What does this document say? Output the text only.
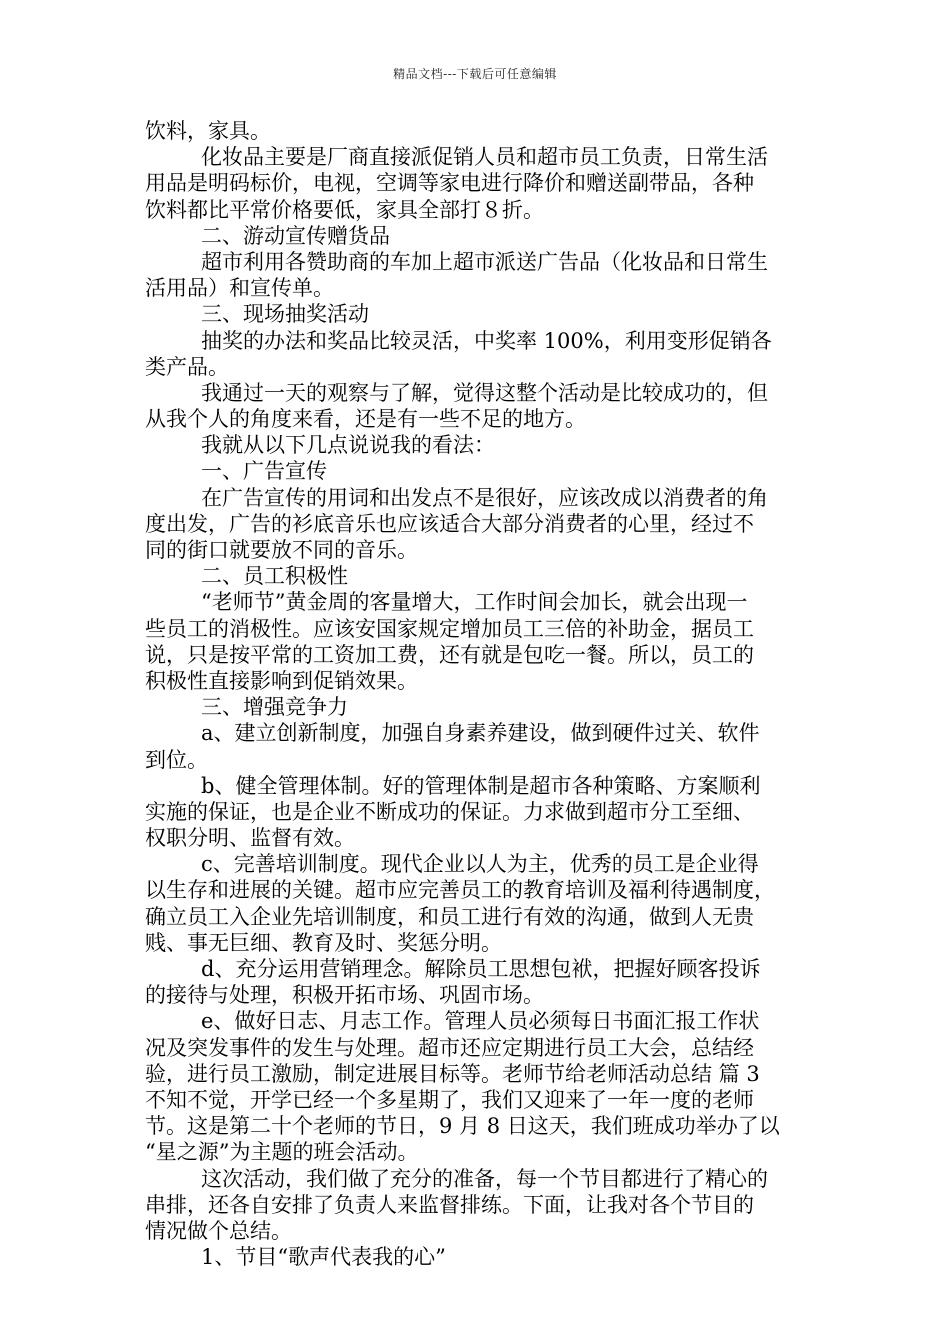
精品文档---下载后可任意编辑
饮料，家具。
化妆品主要是厂商直接派促销人员和超市员工负责，日常生活
用品是明码标价，电视，空调等家电进行降价和赠送副带品，各种
饮料都比平常价格要低，家具全部打８折。
二、游动宣传赠货品
超市利用各赞助商的车加上超市派送广告品（化妆品和日常生
活用品）和宣传单。
三、现场抽奖活动
抽奖的办法和奖品比较灵活，中奖率 100%，利用变形促销各
类产品。
我通过一天的观察与了解，觉得这整个活动是比较成功的，但
从我个人的角度来看，还是有一些不足的地方。
我就从以下几点说说我的看法：
一、广告宣传
在广告宣传的用词和出发点不是很好，应该改成以消费者的角
度出发，广告的衫底音乐也应该适合大部分消费者的心里，经过不
同的街口就要放不同的音乐。
二、员工积极性
“老师节”黄金周的客量增大，工作时间会加长，就会出现一
些员工的消极性。应该安国家规定增加员工三倍的补助金，据员工
说，只是按平常的工资加工费，还有就是包吃一餐。所以，员工的
积极性直接影响到促销效果。
三、增强竞争力
a、建立创新制度，加强自身素养建设，做到硬件过关、软件
到位。
b、健全管理体制。好的管理体制是超市各种策略、方案顺利
实施的保证，也是企业不断成功的保证。力求做到超市分工至细、
权职分明、监督有效。
c、完善培训制度。现代企业以人为主，优秀的员工是企业得
以生存和进展的关键。超市应完善员工的教育培训及福利待遇制度，
确立员工入企业先培训制度，和员工进行有效的沟通，做到人无贵
贱、事无巨细、教育及时、奖惩分明。
d、充分运用营销理念。解除员工思想包袱，把握好顾客投诉
的接待与处理，积极开拓市场、巩固市场。
e、做好日志、月志工作。管理人员必须每日书面汇报工作状
况及突发事件的发生与处理。超市还应定期进行员工大会，总结经
验，进行员工激励，制定进展目标等。老师节给老师活动总结 篇 3
不知不觉，开学已经一个多星期了，我们又迎来了一年一度的老师
节。这是第二十个老师的节日，9 月 8 日这天，我们班成功举办了以
“星之源”为主题的班会活动。
这次活动，我们做了充分的准备，每一个节目都进行了精心的
串排，还各自安排了负责人来监督排练。下面，让我对各个节目的
情况做个总结。
1、节目“歌声代表我的心”
